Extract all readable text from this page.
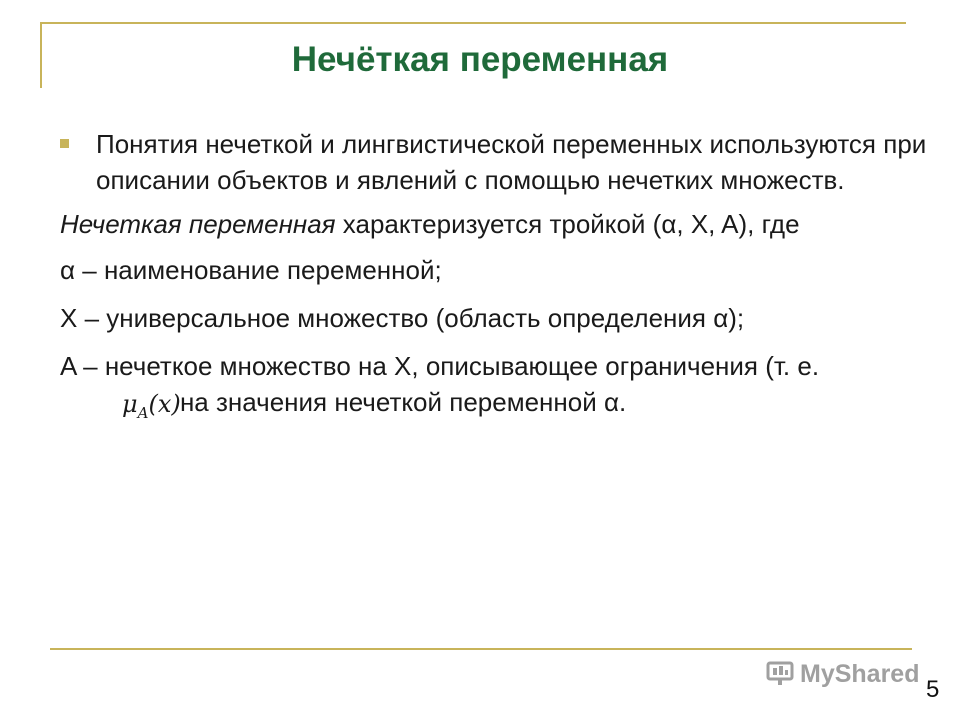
Нечёткая переменная
Понятия нечеткой и лингвистической переменных используются при описании объектов и явлений с помощью нечетких множеств.

Нечеткая переменная характеризуется тройкой (α, X, A), где

α – наименование переменной;

X – универсальное множество (область определения α);

A – нечеткое множество на X, описывающее ограничения (т. $е.\mu_A(x)$ на значения нечеткой переменной α.

MyShared
5
